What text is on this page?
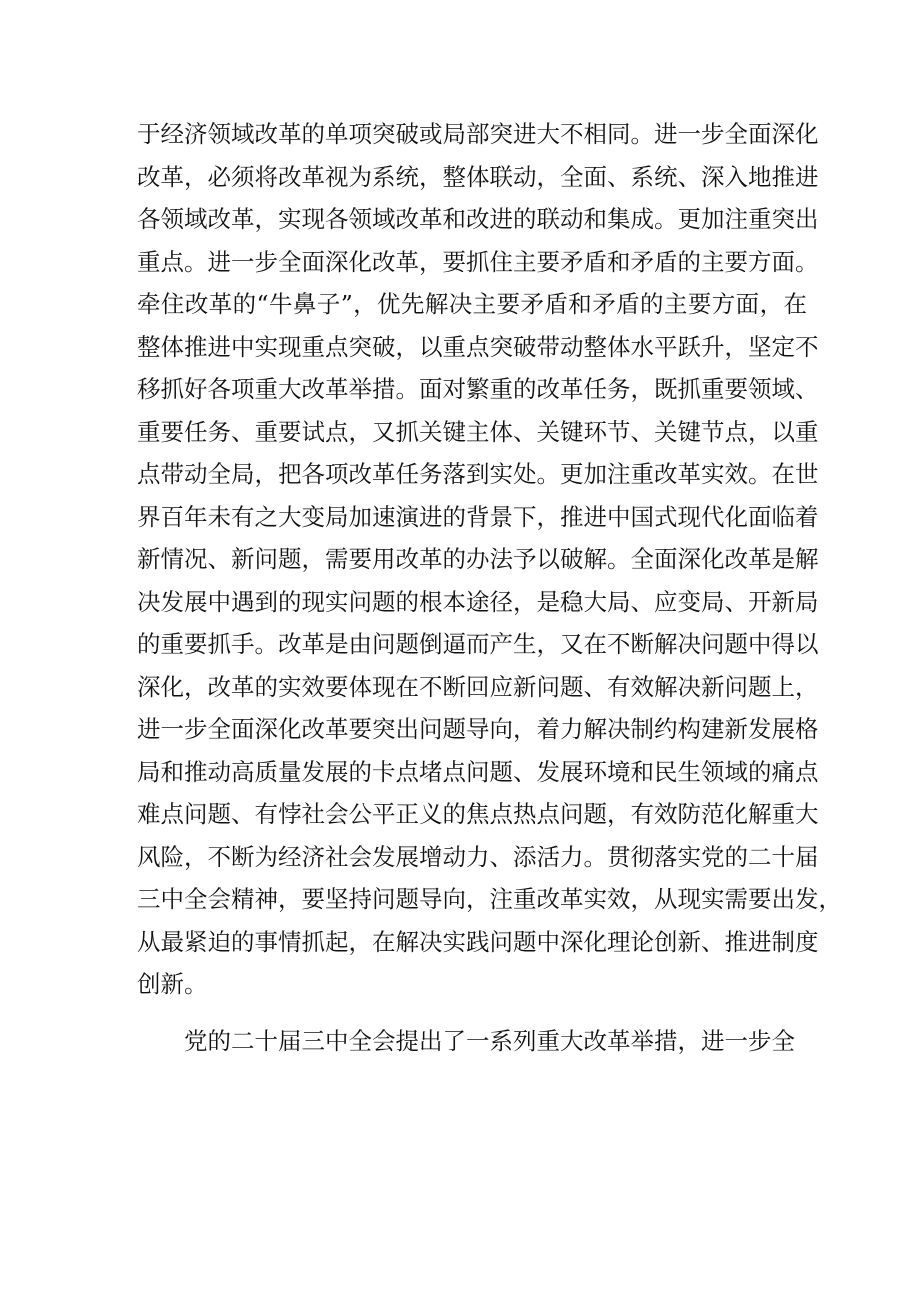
于经济领域改革的单项突破或局部突进大不相同。进一步全面深化
改革，必须将改革视为系统，整体联动，全面、系统、深入地推进
各领域改革，实现各领域改革和改进的联动和集成。更加注重突出
重点。进一步全面深化改革，要抓住主要矛盾和矛盾的主要方面。
牵住改革的“牛鼻子”，优先解决主要矛盾和矛盾的主要方面，在
整体推进中实现重点突破，以重点突破带动整体水平跃升，坚定不
移抓好各项重大改革举措。面对繁重的改革任务，既抓重要领域、
重要任务、重要试点，又抓关键主体、关键环节、关键节点，以重
点带动全局，把各项改革任务落到实处。更加注重改革实效。在世
界百年未有之大变局加速演进的背景下，推进中国式现代化面临着
新情况、新问题，需要用改革的办法予以破解。全面深化改革是解
决发展中遇到的现实问题的根本途径，是稳大局、应变局、开新局
的重要抓手。改革是由问题倒逼而产生，又在不断解决问题中得以
深化，改革的实效要体现在不断回应新问题、有效解决新问题上，
进一步全面深化改革要突出问题导向，着力解决制约构建新发展格
局和推动高质量发展的卡点堵点问题、发展环境和民生领域的痛点
难点问题、有悖社会公平正义的焦点热点问题，有效防范化解重大
风险，不断为经济社会发展增动力、添活力。贯彻落实党的二十届
三中全会精神，要坚持问题导向，注重改革实效，从现实需要出发，
从最紧迫的事情抓起，在解决实践问题中深化理论创新、推进制度
创新。
党的二十届三中全会提出了一系列重大改革举措，进一步全
